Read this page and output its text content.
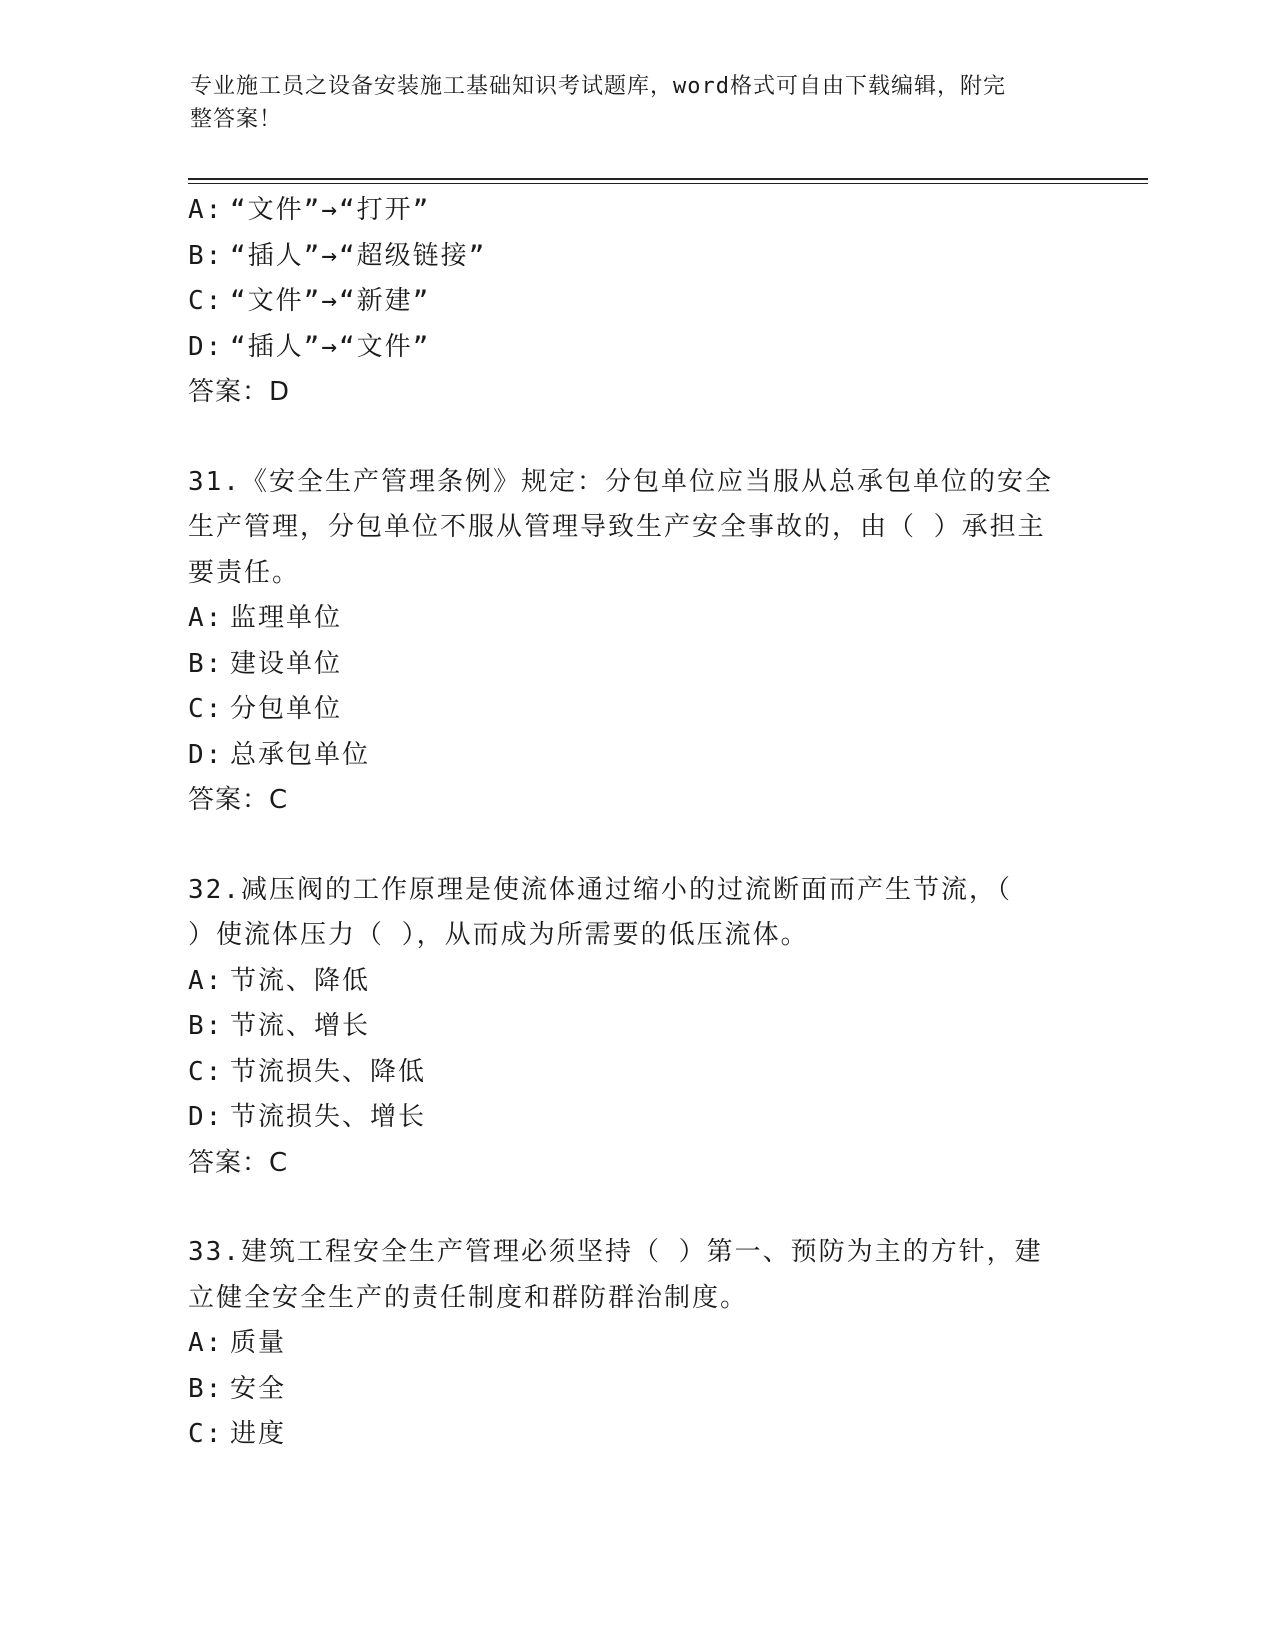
专业施工员之设备安装施工基础知识考试题库，word格式可自由下载编辑，附完
整答案！
A: “文件”→“打开”
B: “插人”→“超级链接”
C: “文件”→“新建”
D: “插人”→“文件”
答案：D
31.《安全生产管理条例》规定：分包单位应当服从总承包单位的安全
生产管理，分包单位不服从管理导致生产安全事故的，由（ ）承担主
要责任。
A: 监理单位
B: 建设单位
C: 分包单位
D: 总承包单位
答案：C
32.减压阀的工作原理是使流体通过缩小的过流断面而产生节流，（
）使流体压力（ ），从而成为所需要的低压流体。
A: 节流、降低
B: 节流、增长
C: 节流损失、降低
D: 节流损失、增长
答案：C
33.建筑工程安全生产管理必须坚持（ ）第一、预防为主的方针，建
立健全安全生产的责任制度和群防群治制度。
A: 质量
B: 安全
C: 进度
